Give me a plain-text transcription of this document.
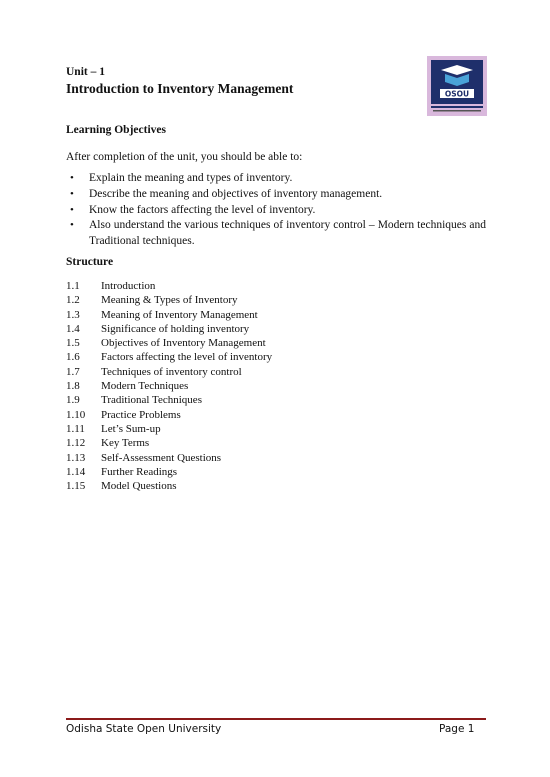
Unit – 1
Introduction to Inventory Management	OSOU
Learning Objectives
After completion of the unit, you should be able to:
• Explain the meaning and types of inventory.
• Describe the meaning and objectives of inventory management.
• Know the factors affecting the level of inventory.
• Also understand the various techniques of inventory control – Modern techniques and Traditional techniques.
Structure
1.1 Introduction
1.2 Meaning & Types of Inventory
1.3 Meaning of Inventory Management
1.4 Significance of holding inventory
1.5 Objectives of Inventory Management
1.6 Factors affecting the level of inventory
1.7 Techniques of inventory control
1.8 Modern Techniques
1.9 Traditional Techniques
1.10 Practice Problems
1.11 Let’s Sum-up
1.12 Key Terms
1.13 Self-Assessment Questions
1.14 Further Readings
1.15 Model Questions
Odisha State Open University	Page 1
